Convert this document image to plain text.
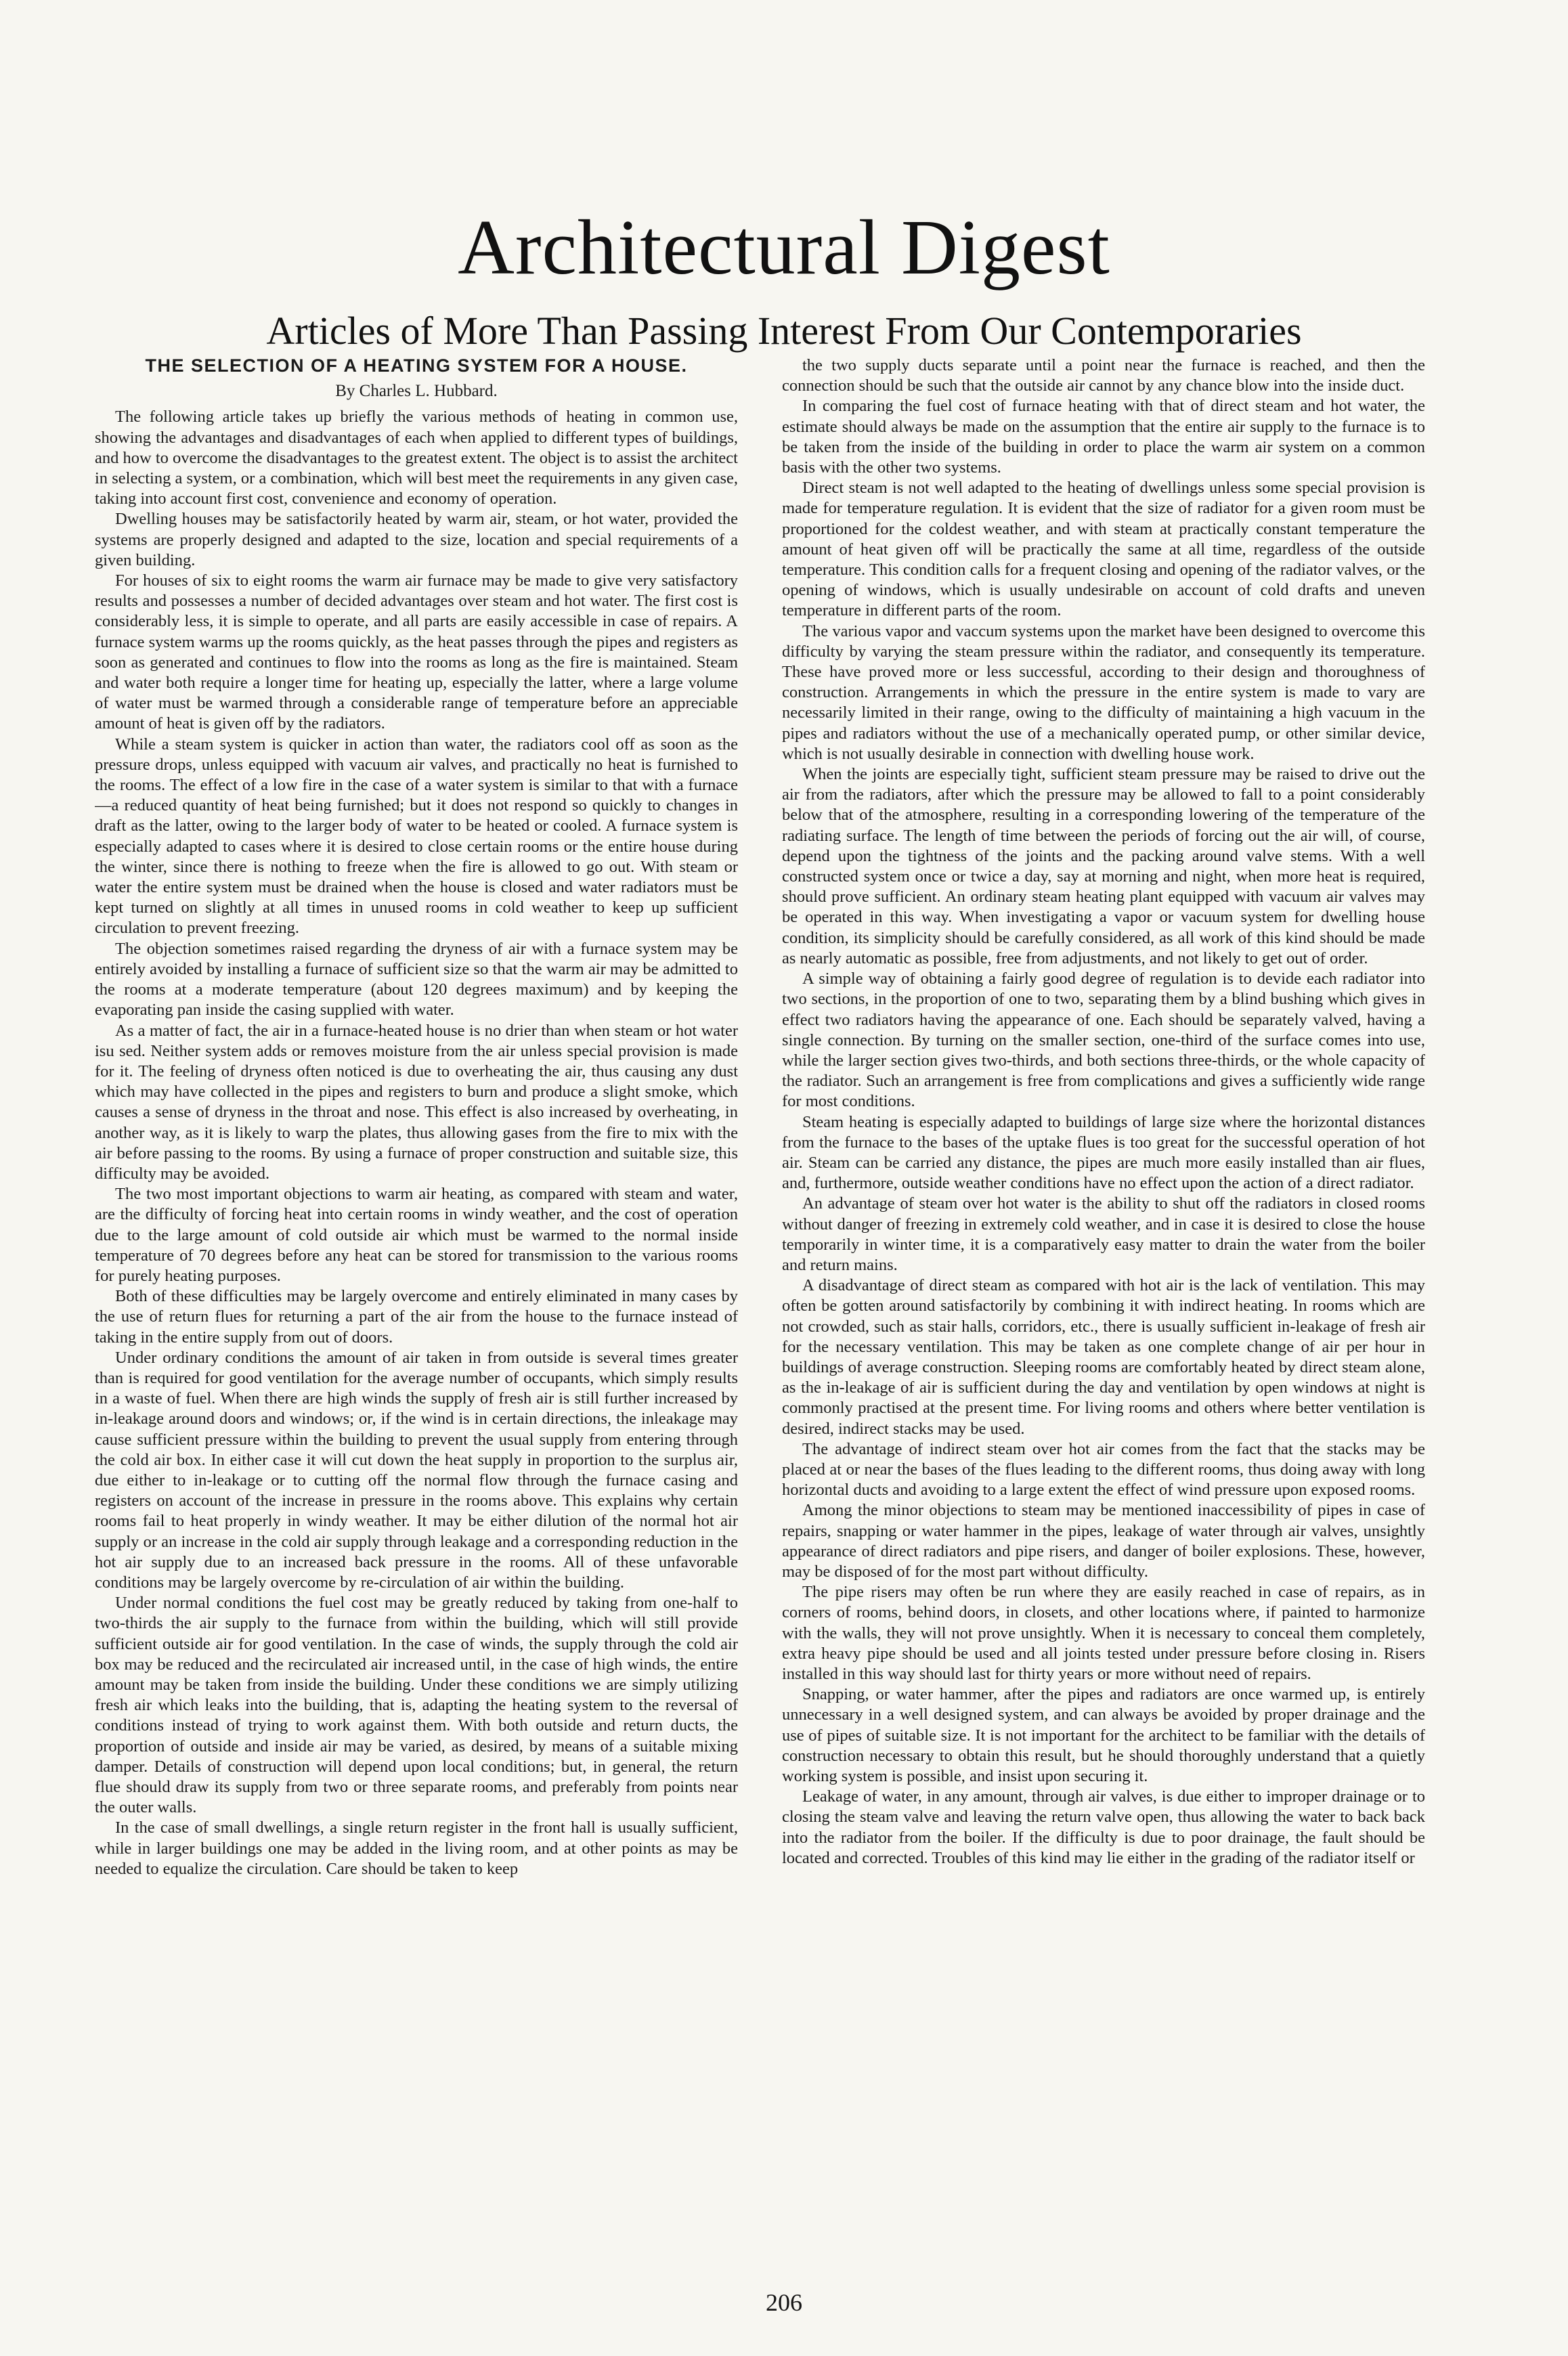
Architectural Digest
Articles of More Than Passing Interest From Our Contemporaries
THE SELECTION OF A HEATING SYSTEM FOR A HOUSE.
By Charles L. Hubbard.

The following article takes up briefly the various methods of heating in common use, showing the advantages and disadvantages of each when applied to different types of buildings, and how to overcome the disadvantages to the greatest extent. The object is to assist the architect in selecting a system, or a combination, which will best meet the requirements in any given case, taking into account first cost, convenience and economy of operation.

Dwelling houses may be satisfactorily heated by warm air, steam, or hot water, provided the systems are properly designed and adapted to the size, location and special requirements of a given building.

For houses of six to eight rooms the warm air furnace may be made to give very satisfactory results and possesses a number of decided advantages over steam and hot water. The first cost is considerably less, it is simple to operate, and all parts are easily accessible in case of repairs. A furnace system warms up the rooms quickly, as the heat passes through the pipes and registers as soon as generated and continues to flow into the rooms as long as the fire is maintained. Steam and water both require a longer time for heating up, especially the latter, where a large volume of water must be warmed through a considerable range of temperature before an appreciable amount of heat is given off by the radiators.

While a steam system is quicker in action than water, the radiators cool off as soon as the pressure drops, unless equipped with vacuum air valves, and practically no heat is furnished to the rooms. The effect of a low fire in the case of a water system is similar to that with a furnace—a reduced quantity of heat being furnished; but it does not respond so quickly to changes in draft as the latter, owing to the larger body of water to be heated or cooled. A furnace system is especially adapted to cases where it is desired to close certain rooms or the entire house during the winter, since there is nothing to freeze when the fire is allowed to go out. With steam or water the entire system must be drained when the house is closed and water radiators must be kept turned on slightly at all times in unused rooms in cold weather to keep up sufficient circulation to prevent freezing.

The objection sometimes raised regarding the dryness of air with a furnace system may be entirely avoided by installing a furnace of sufficient size so that the warm air may be admitted to the rooms at a moderate temperature (about 120 degrees maximum) and by keeping the evaporating pan inside the casing supplied with water.

As a matter of fact, the air in a furnace-heated house is no drier than when steam or hot water isu sed. Neither system adds or removes moisture from the air unless special provision is made for it. The feeling of dryness often noticed is due to overheating the air, thus causing any dust which may have collected in the pipes and registers to burn and produce a slight smoke, which causes a sense of dryness in the throat and nose. This effect is also increased by overheating, in another way, as it is likely to warp the plates, thus allowing gases from the fire to mix with the air before passing to the rooms. By using a furnace of proper construction and suitable size, this difficulty may be avoided.

The two most important objections to warm air heating, as compared with steam and water, are the difficulty of forcing heat into certain rooms in windy weather, and the cost of operation due to the large amount of cold outside air which must be warmed to the normal inside temperature of 70 degrees before any heat can be stored for transmission to the various rooms for purely heating purposes.

Both of these difficulties may be largely overcome and entirely eliminated in many cases by the use of return flues for returning a part of the air from the house to the furnace instead of taking in the entire supply from out of doors.

Under ordinary conditions the amount of air taken in from outside is several times greater than is required for good ventilation for the average number of occupants, which simply results in a waste of fuel. When there are high winds the supply of fresh air is still further increased by in-leakage around doors and windows; or, if the wind is in certain directions, the inleakage may cause sufficient pressure within the building to prevent the usual supply from entering through the cold air box. In either case it will cut down the heat supply in proportion to the surplus air, due either to in-leakage or to cutting off the normal flow through the furnace casing and registers on account of the increase in pressure in the rooms above. This explains why certain rooms fail to heat properly in windy weather. It may be either dilution of the normal hot air supply or an increase in the cold air supply through leakage and a corresponding reduction in the hot air supply due to an increased back pressure in the rooms. All of these unfavorable conditions may be largely overcome by re-circulation of air within the building.

Under normal conditions the fuel cost may be greatly reduced by taking from one-half to two-thirds the air supply to the furnace from within the building, which will still provide sufficient outside air for good ventilation. In the case of winds, the supply through the cold air box may be reduced and the recirculated air increased until, in the case of high winds, the entire amount may be taken from inside the building. Under these conditions we are simply utilizing fresh air which leaks into the building, that is, adapting the heating system to the reversal of conditions instead of trying to work against them. With both outside and return ducts, the proportion of outside and inside air may be varied, as desired, by means of a suitable mixing damper. Details of construction will depend upon local conditions; but, in general, the return flue should draw its supply from two or three separate rooms, and preferably from points near the outer walls.

In the case of small dwellings, a single return register in the front hall is usually sufficient, while in larger buildings one may be added in the living room, and at other points as may be needed to equalize the circulation. Care should be taken to keep

the two supply ducts separate until a point near the furnace is reached, and then the connection should be such that the outside air cannot by any chance blow into the inside duct.

In comparing the fuel cost of furnace heating with that of direct steam and hot water, the estimate should always be made on the assumption that the entire air supply to the furnace is to be taken from the inside of the building in order to place the warm air system on a common basis with the other two systems.

Direct steam is not well adapted to the heating of dwellings unless some special provision is made for temperature regulation. It is evident that the size of radiator for a given room must be proportioned for the coldest weather, and with steam at practically constant temperature the amount of heat given off will be practically the same at all time, regardless of the outside temperature. This condition calls for a frequent closing and opening of the radiator valves, or the opening of windows, which is usually undesirable on account of cold drafts and uneven temperature in different parts of the room.

The various vapor and vaccum systems upon the market have been designed to overcome this difficulty by varying the steam pressure within the radiator, and consequently its temperature. These have proved more or less successful, according to their design and thoroughness of construction. Arrangements in which the pressure in the entire system is made to vary are necessarily limited in their range, owing to the difficulty of maintaining a high vacuum in the pipes and radiators without the use of a mechanically operated pump, or other similar device, which is not usually desirable in connection with dwelling house work.

When the joints are especially tight, sufficient steam pressure may be raised to drive out the air from the radiators, after which the pressure may be allowed to fall to a point considerably below that of the atmosphere, resulting in a corresponding lowering of the temperature of the radiating surface. The length of time between the periods of forcing out the air will, of course, depend upon the tightness of the joints and the packing around valve stems. With a well constructed system once or twice a day, say at morning and night, when more heat is required, should prove sufficient. An ordinary steam heating plant equipped with vacuum air valves may be operated in this way. When investigating a vapor or vacuum system for dwelling house condition, its simplicity should be carefully considered, as all work of this kind should be made as nearly automatic as possible, free from adjustments, and not likely to get out of order.

A simple way of obtaining a fairly good degree of regulation is to devide each radiator into two sections, in the proportion of one to two, separating them by a blind bushing which gives in effect two radiators having the appearance of one. Each should be separately valved, having a single connection. By turning on the smaller section, one-third of the surface comes into use, while the larger section gives two-thirds, and both sections three-thirds, or the whole capacity of the radiator. Such an arrangement is free from complications and gives a sufficiently wide range for most conditions.

Steam heating is especially adapted to buildings of large size where the horizontal distances from the furnace to the bases of the uptake flues is too great for the successful operation of hot air. Steam can be carried any distance, the pipes are much more easily installed than air flues, and, furthermore, outside weather conditions have no effect upon the action of a direct radiator.

An advantage of steam over hot water is the ability to shut off the radiators in closed rooms without danger of freezing in extremely cold weather, and in case it is desired to close the house temporarily in winter time, it is a comparatively easy matter to drain the water from the boiler and return mains.

A disadvantage of direct steam as compared with hot air is the lack of ventilation. This may often be gotten around satisfactorily by combining it with indirect heating. In rooms which are not crowded, such as stair halls, corridors, etc., there is usually sufficient in-leakage of fresh air for the necessary ventilation. This may be taken as one complete change of air per hour in buildings of average construction. Sleeping rooms are comfortably heated by direct steam alone, as the in-leakage of air is sufficient during the day and ventilation by open windows at night is commonly practised at the present time. For living rooms and others where better ventilation is desired, indirect stacks may be used.

The advantage of indirect steam over hot air comes from the fact that the stacks may be placed at or near the bases of the flues leading to the different rooms, thus doing away with long horizontal ducts and avoiding to a large extent the effect of wind pressure upon exposed rooms.

Among the minor objections to steam may be mentioned inaccessibility of pipes in case of repairs, snapping or water hammer in the pipes, leakage of water through air valves, unsightly appearance of direct radiators and pipe risers, and danger of boiler explosions. These, however, may be disposed of for the most part without difficulty.

The pipe risers may often be run where they are easily reached in case of repairs, as in corners of rooms, behind doors, in closets, and other locations where, if painted to harmonize with the walls, they will not prove unsightly. When it is necessary to conceal them completely, extra heavy pipe should be used and all joints tested under pressure before closing in. Risers installed in this way should last for thirty years or more without need of repairs.

Snapping, or water hammer, after the pipes and radiators are once warmed up, is entirely unnecessary in a well designed system, and can always be avoided by proper drainage and the use of pipes of suitable size. It is not important for the architect to be familiar with the details of construction necessary to obtain this result, but he should thoroughly understand that a quietly working system is possible, and insist upon securing it.

Leakage of water, in any amount, through air valves, is due either to improper drainage or to closing the steam valve and leaving the return valve open, thus allowing the water to back back into the radiator from the boiler. If the difficulty is due to poor drainage, the fault should be located and corrected. Troubles of this kind may lie either in the grading of the radiator itself or

206
